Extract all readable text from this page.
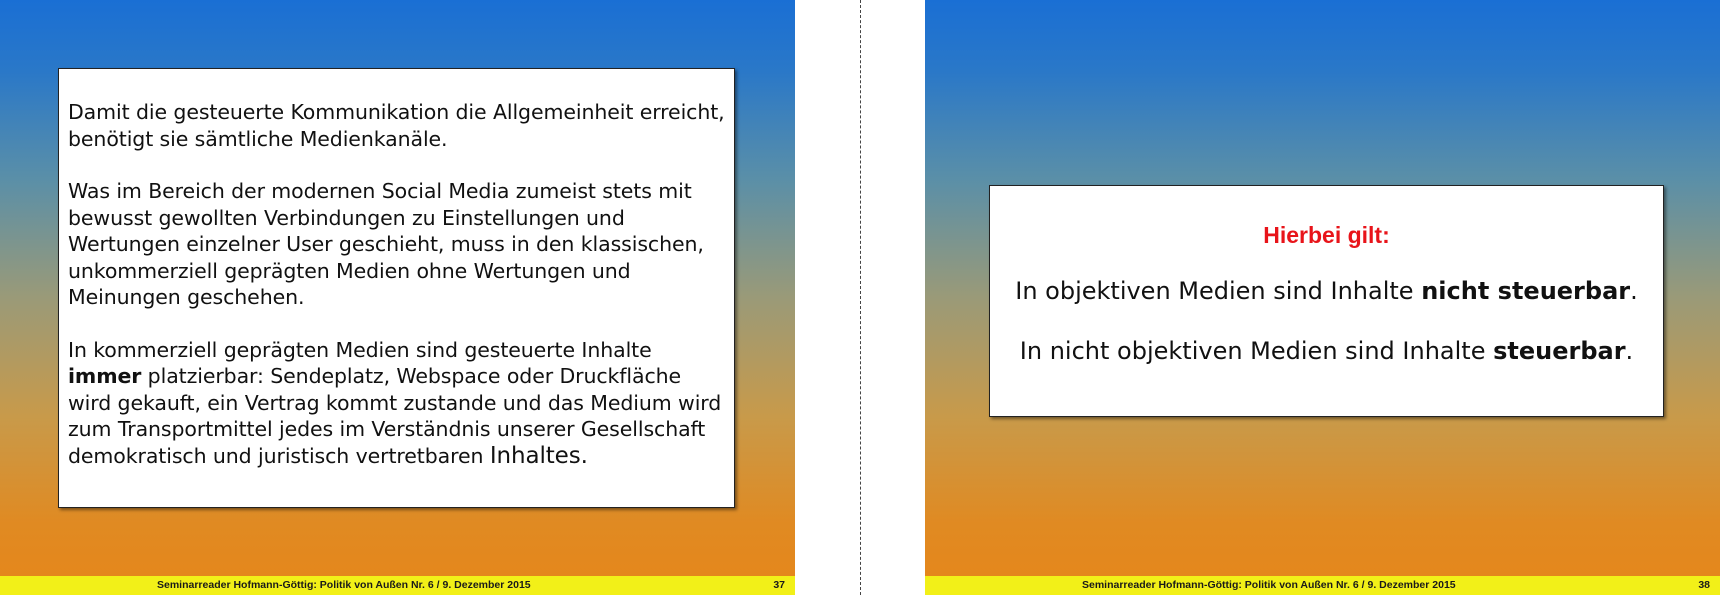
Damit die gesteuerte Kommunikation die Allgemeinheit erreicht, benötigt sie sämtliche Medienkanäle.

Was im Bereich der modernen Social Media zumeist stets mit bewusst gewollten Verbindungen zu Einstellungen und Wertungen einzelner User geschieht, muss in den klassischen, unkommerziell geprägten Medien ohne Wertungen und Meinungen geschehen.

In kommerziell geprägten Medien sind gesteuerte Inhalte immer platzierbar: Sendeplatz, Webspace oder Druckfläche wird gekauft, ein Vertrag kommt zustande und das Medium wird zum Transportmittel jedes im Verständnis unserer Gesellschaft demokratisch und juristisch vertretbaren Inhaltes.

Seminarreader Hofmann-Göttig: Politik von Außen Nr. 6 / 9. Dezember 2015	37
Hierbei gilt:
In objektiven Medien sind Inhalte nicht steuerbar.
In nicht objektiven Medien sind Inhalte steuerbar.
Seminarreader Hofmann-Göttig: Politik von Außen Nr. 6 / 9. Dezember 2015	38
